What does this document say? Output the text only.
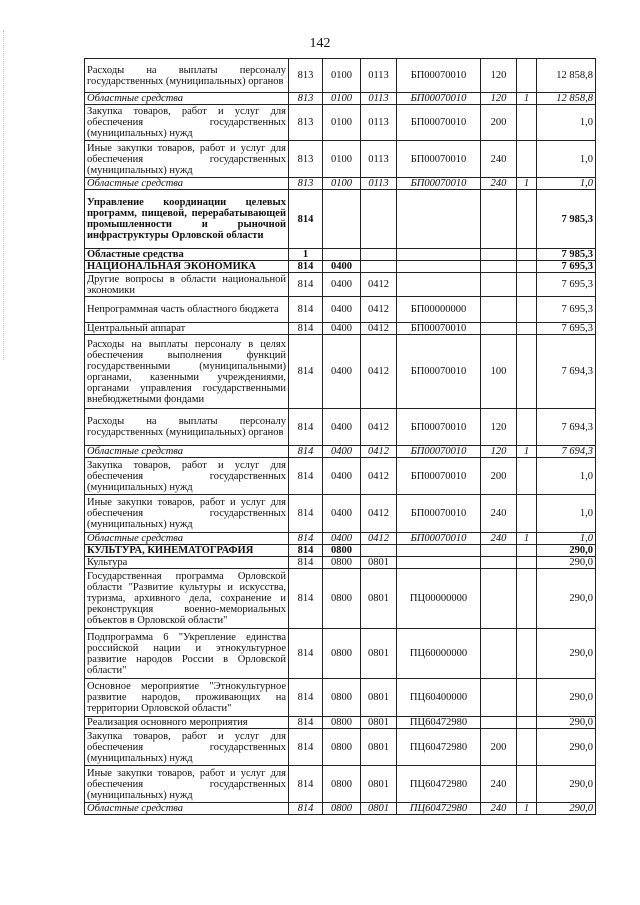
142
Расходы на выплаты персоналу государственных (муниципальных) органов	813	0100	0113	БП00070010	120		12 858,8
Областные средства	813	0100	0113	БП00070010	120	1	12 858,8
Закупка товаров, работ и услуг для обеспечения государственных (муниципальных) нужд	813	0100	0113	БП00070010	200		1,0
Иные закупки товаров, работ и услуг для обеспечения государственных (муниципальных) нужд	813	0100	0113	БП00070010	240		1,0
Областные средства	813	0100	0113	БП00070010	240	1	1,0
Управление координации целевых программ, пищевой, перерабатывающей промышленности и рыночной инфраструктуры Орловской области	814						7 985,3
Областные средства	1						7 985,3
НАЦИОНАЛЬНАЯ ЭКОНОМИКА	814	0400					7 695,3
Другие вопросы в области национальной экономики	814	0400	0412				7 695,3
Непрограммная часть областного бюджета	814	0400	0412	БП00000000			7 695,3
Центральный аппарат	814	0400	0412	БП00070010			7 695,3
Расходы на выплаты персоналу в целях обеспечения выполнения функций государственными (муниципальными) органами, казенными учреждениями, органами управления государственными внебюджетными фондами	814	0400	0412	БП00070010	100		7 694,3
Расходы на выплаты персоналу государственных (муниципальных) органов	814	0400	0412	БП00070010	120		7 694,3
Областные средства	814	0400	0412	БП00070010	120	1	7 694,3
Закупка товаров, работ и услуг для обеспечения государственных (муниципальных) нужд	814	0400	0412	БП00070010	200		1,0
Иные закупки товаров, работ и услуг для обеспечения государственных (муниципальных) нужд	814	0400	0412	БП00070010	240		1,0
Областные средства	814	0400	0412	БП00070010	240	1	1,0
КУЛЬТУРА, КИНЕМАТОГРАФИЯ	814	0800					290,0
Культура	814	0800	0801				290,0
Государственная программа Орловской области "Развитие культуры и искусства, туризма, архивного дела, сохранение и реконструкция военно-мемориальных объектов в Орловской области"	814	0800	0801	ПЦ00000000			290,0
Подпрограмма 6 "Укрепление единства российской нации и этнокультурное развитие народов России в Орловской области"	814	0800	0801	ПЦ60000000			290,0
Основное мероприятие "Этнокультурное развитие народов, проживающих на территории Орловской области"	814	0800	0801	ПЦ60400000			290,0
Реализация основного мероприятия	814	0800	0801	ПЦ60472980			290,0
Закупка товаров, работ и услуг для обеспечения государственных (муниципальных) нужд	814	0800	0801	ПЦ60472980	200		290,0
Иные закупки товаров, работ и услуг для обеспечения государственных (муниципальных) нужд	814	0800	0801	ПЦ60472980	240		290,0
Областные средства	814	0800	0801	ПЦ60472980	240	1	290,0
